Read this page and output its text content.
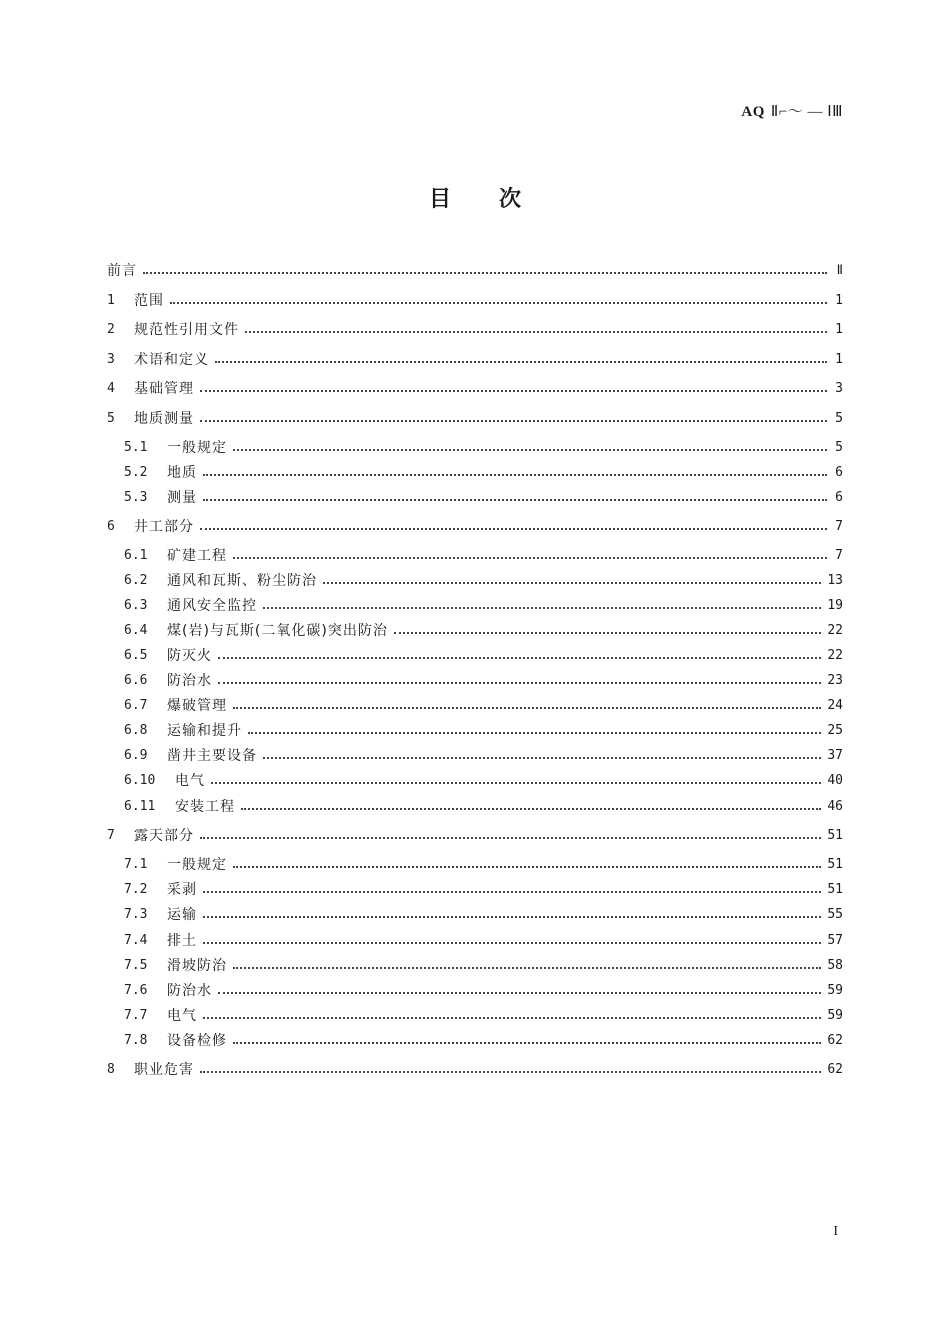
AQ Ⅱ⌐～ — ⅠⅢ
目次
前言	Ⅱ
1	范围	1
2	规范性引用文件	1
3	术语和定义	1
4	基础管理	3
5	地质测量	5
5.1	一般规定	5
5.2	地质	6
5.3	测量	6
6	井工部分	7
6.1	矿建工程	7
6.2	通风和瓦斯、粉尘防治	13
6.3	通风安全监控	19
6.4	煤(岩)与瓦斯(二氧化碳)突出防治	22
6.5	防灭火	22
6.6	防治水	23
6.7	爆破管理	24
6.8	运输和提升	25
6.9	凿井主要设备	37
6.10	电气	40
6.11	安装工程	46
7	露天部分	51
7.1	一般规定	51
7.2	采剥	51
7.3	运输	55
7.4	排土	57
7.5	滑坡防治	58
7.6	防治水	59
7.7	电气	59
7.8	设备检修	62
8	职业危害	62
I
